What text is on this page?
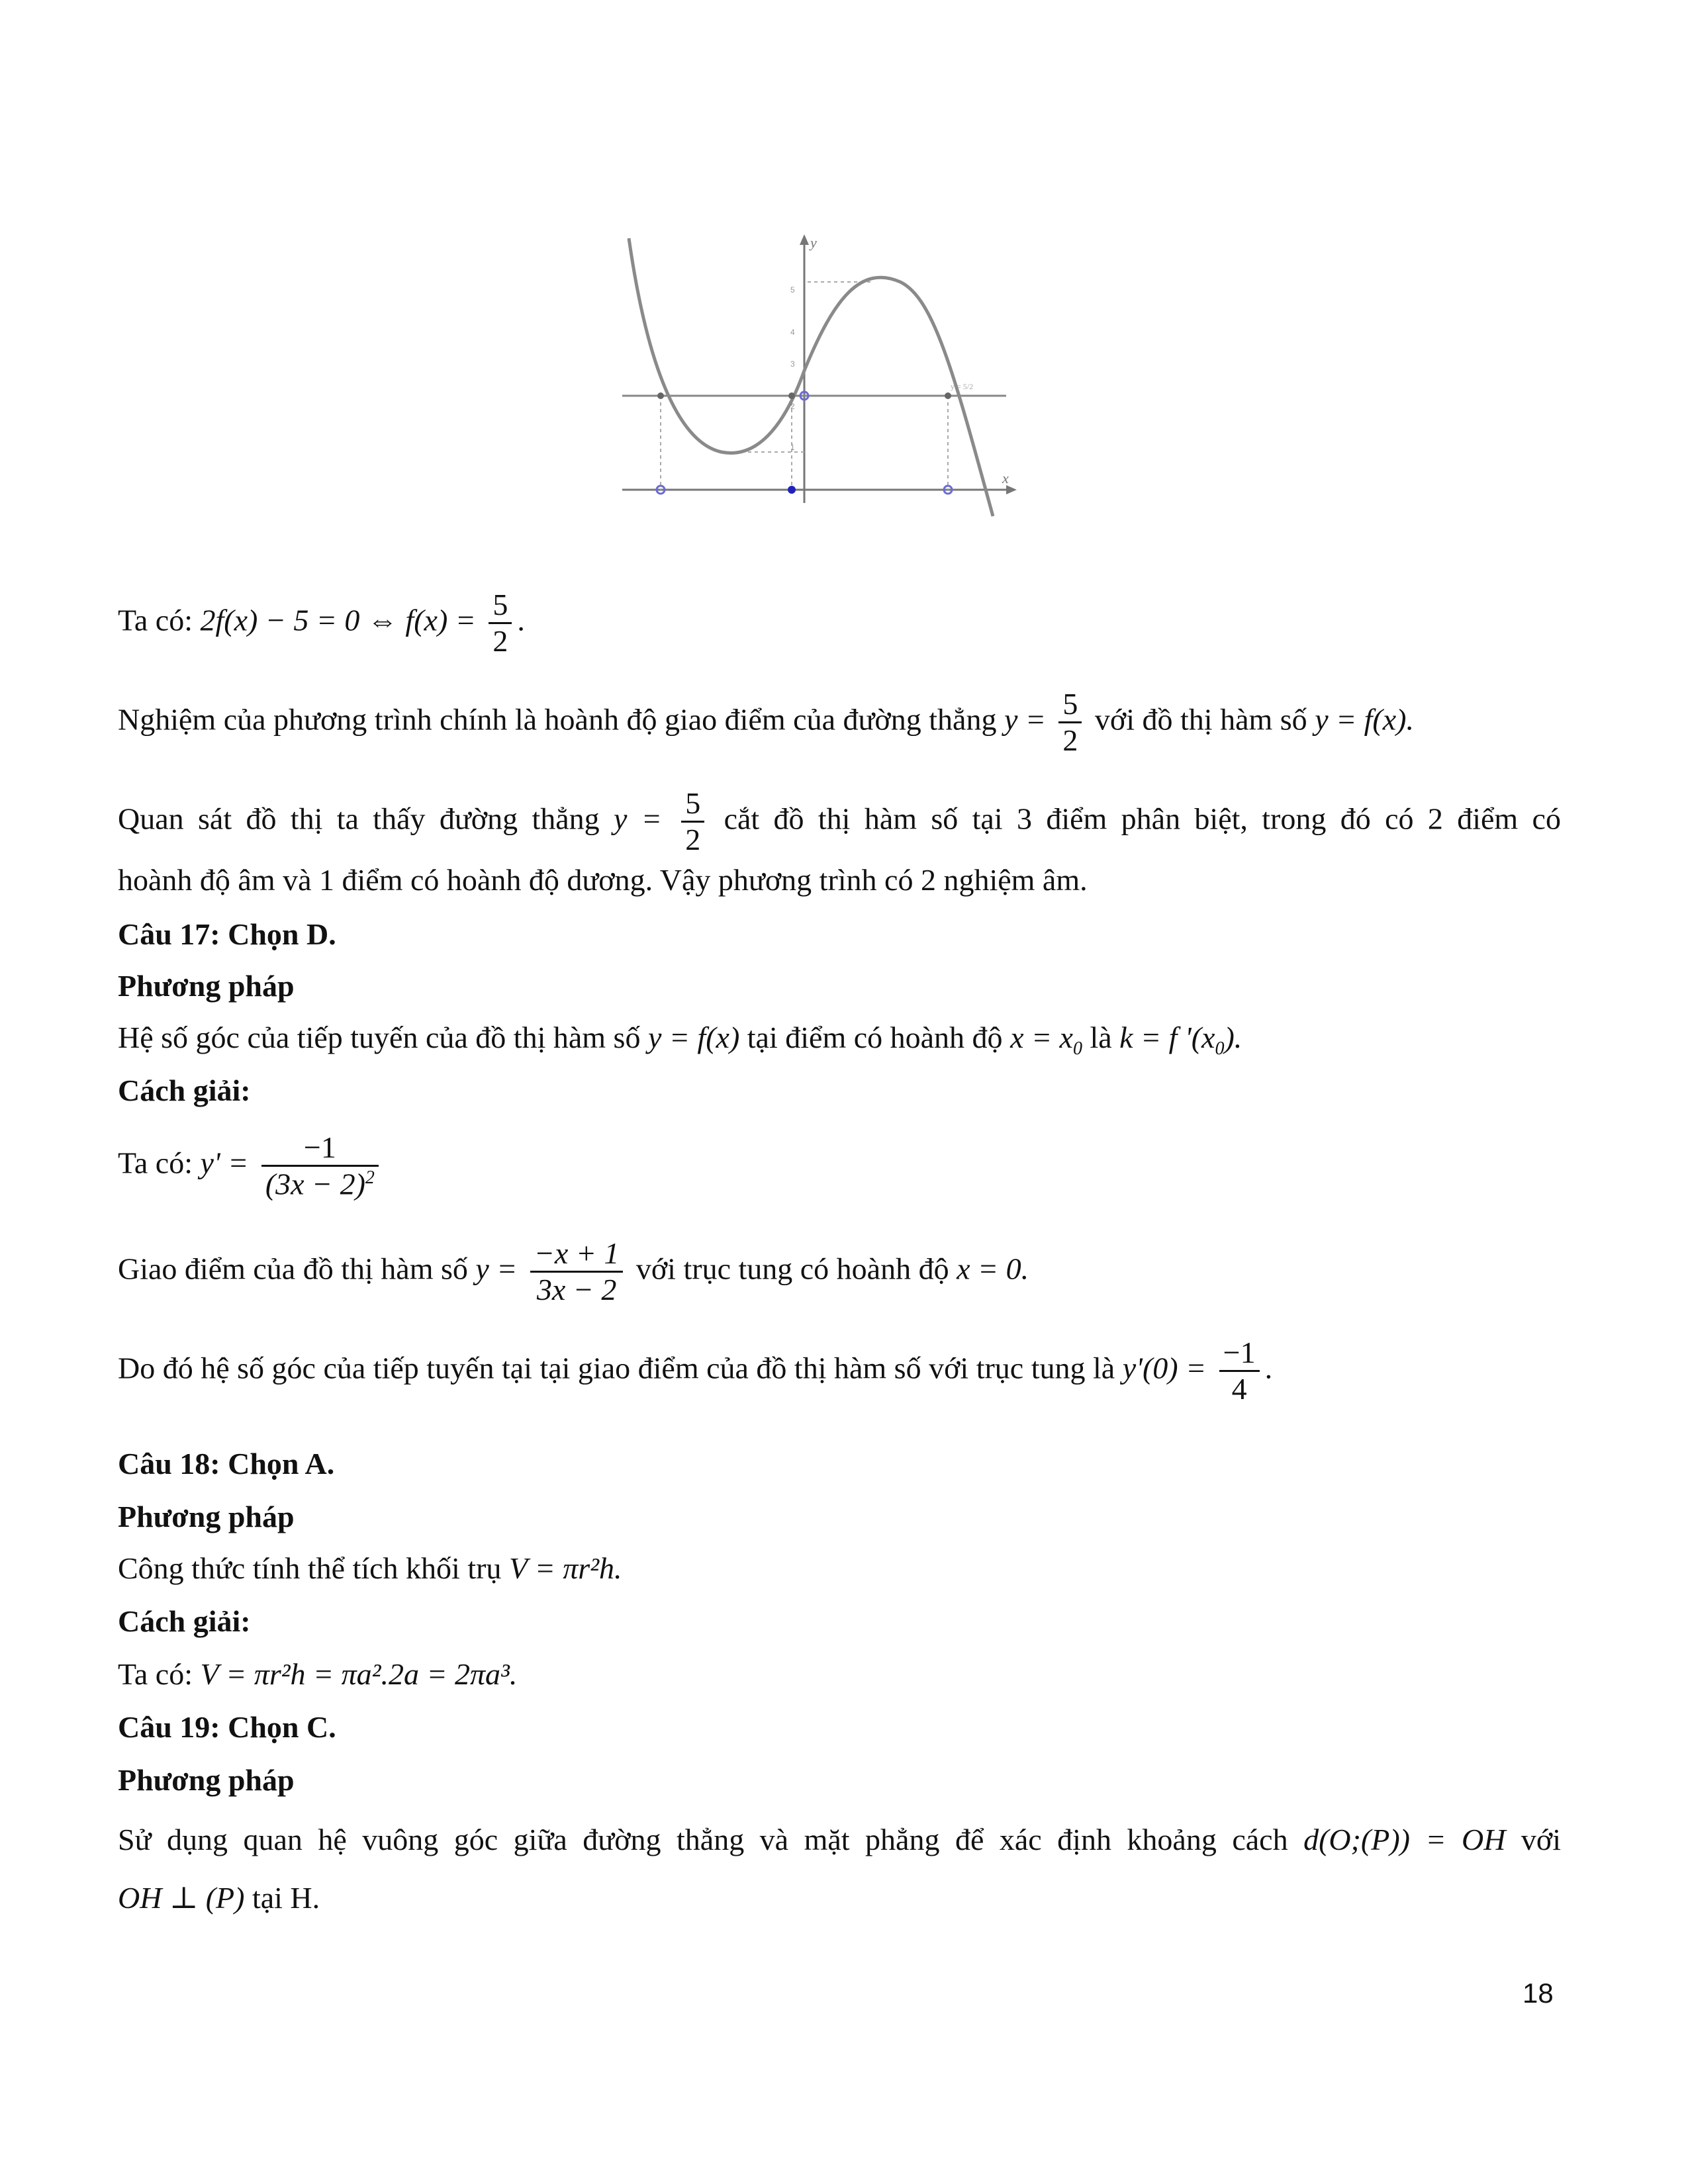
x
y
5
4
3
2
1
y = 5/2
Ta có: 2f(x) − 5 = 0 ⇔ $f(x) = \frac{5}{2}$ .
Nghiệm của phương trình chính là hoành độ giao điểm của đường thẳng $y = \frac{5}{2}$ với đồ thị hàm số y = f(x).
Quan sát đồ thị ta thấy đường thẳng $y = \frac{5}{2}$ cắt đồ thị hàm số tại 3 điểm phân biệt, trong đó có 2 điểm có
hoành độ âm và 1 điểm có hoành độ dương. Vậy phương trình có 2 nghiệm âm.
Câu 17: Chọn D.
Phương pháp
Hệ số góc của tiếp tuyến của đồ thị hàm số y = f(x) tại điểm có hoành độ $x = x_0$ là k = f '$(x_0)$.
Cách giải:
Ta có: $y' = \frac{-1}{(3x - 2)^2}$
Giao điểm của đồ thị hàm số $y = \frac{-x + 1}{3x - 2}$ với trục tung có hoành độ x = 0.
Do đó hệ số góc của tiếp tuyến tại tại giao điểm của đồ thị hàm số với trục tung là $y'(0) = \frac{-1}{4}$ .
Câu 18: Chọn A.
Phương pháp
Công thức tính thể tích khối trụ V = πr²h.
Cách giải:
Ta có: V = πr²h = πa².2a = 2πa³.
Câu 19: Chọn C.
Phương pháp
Sử dụng quan hệ vuông góc giữa đường thẳng và mặt phẳng để xác định khoảng cách d(O;(P)) = OH với
OH ⊥ (P) tại H.
18
